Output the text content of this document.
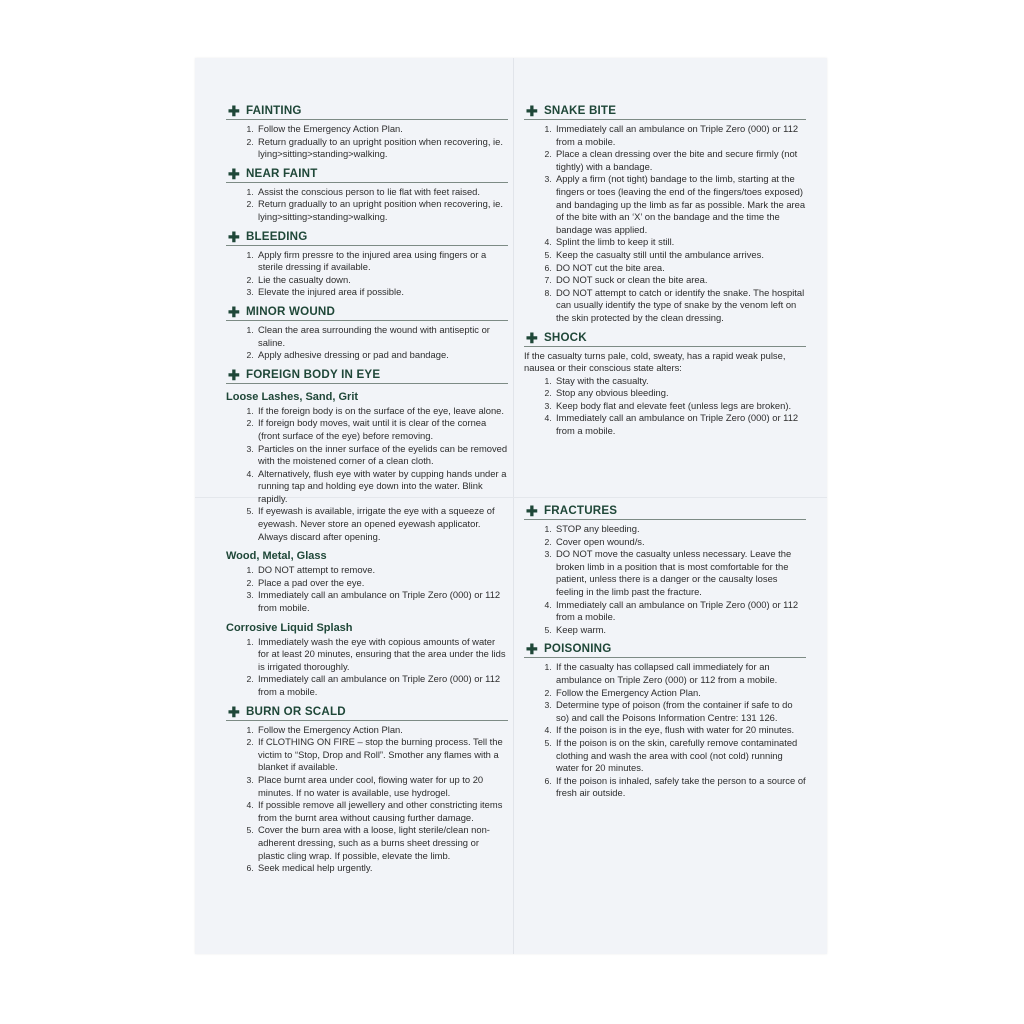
✚ FAINTING
1. Follow the Emergency Action Plan.
2. Return gradually to an upright position when recovering, ie. lying>sitting>standing>walking.
✚ NEAR FAINT
1. Assist the conscious person to lie flat with feet raised.
2. Return gradually to an upright position when recovering, ie. lying>sitting>standing>walking.
✚ BLEEDING
1. Apply firm pressre to the injured area using fingers or a sterile dressing if available.
2. Lie the casualty down.
3. Elevate the injured area if possible.
✚ MINOR WOUND
1. Clean the area surrounding the wound with antiseptic or saline.
2. Apply adhesive dressing or pad and bandage.
✚ FOREIGN BODY IN EYE
Loose Lashes, Sand, Grit
1. If the foreign body is on the surface of the eye, leave alone.
2. If foreign body moves, wait until it is clear of the cornea (front surface of the eye) before removing.
3. Particles on the inner surface of the eyelids can be removed with the moistened corner of a clean cloth.
4. Alternatively, flush eye with water by cupping hands under a running tap and holding eye down into the water. Blink rapidly.
5. If eyewash is available, irrigate the eye with a squeeze of eyewash. Never store an opened eyewash applicator. Always discard after opening.
Wood, Metal, Glass
1. DO NOT attempt to remove.
2. Place a pad over the eye.
3. Immediately call an ambulance on Triple Zero (000) or 112 from mobile.
Corrosive Liquid Splash
1. Immediately wash the eye with copious amounts of water for at least 20 minutes, ensuring that the area under the lids is irrigated thoroughly.
2. Immediately call an ambulance on Triple Zero (000) or 112 from a mobile.
✚ BURN OR SCALD
1. Follow the Emergency Action Plan.
2. If CLOTHING ON FIRE – stop the burning process. Tell the victim to “Stop, Drop and Roll”. Smother any flames with a blanket if available.
3. Place burnt area under cool, flowing water for up to 20 minutes. If no water is available, use hydrogel.
4. If possible remove all jewellery and other constricting items from the burnt area without causing further damage.
5. Cover the burn area with a loose, light sterile/clean non-adherent dressing, such as a burns sheet dressing or plastic cling wrap. If possible, elevate the limb.
6. Seek medical help urgently.
✚ SNAKE BITE
1. Immediately call an ambulance on Triple Zero (000) or 112 from a mobile.
2. Place a clean dressing over the bite and secure firmly (not tightly) with a bandage.
3. Apply a firm (not tight) bandage to the limb, starting at the fingers or toes (leaving the end of the fingers/toes exposed) and bandaging up the limb as far as possible. Mark the area of the bite with an ‘X’ on the bandage and the time the bandage was applied.
4. Splint the limb to keep it still.
5. Keep the casualty still until the ambulance arrives.
6. DO NOT cut the bite area.
7. DO NOT suck or clean the bite area.
8. DO NOT attempt to catch or identify the snake. The hospital can usually identify the type of snake by the venom left on the skin protected by the clean dressing.
✚ SHOCK

If the casualty turns pale, cold, sweaty, has a rapid weak pulse, nausea or their conscious state alters:

1. Stay with the casualty.
2. Stop any obvious bleeding.
3. Keep body flat and elevate feet (unless legs are broken).
4. Immediately call an ambulance on Triple Zero (000) or 112 from a mobile.
✚ FRACTURES
1. STOP any bleeding.
2. Cover open wound/s.
3. DO NOT move the casualty unless necessary. Leave the broken limb in a position that is most comfortable for the patient, unless there is a danger or the causalty loses feeling in the limb past the fracture.
4. Immediately call an ambulance on Triple Zero (000) or 112 from a mobile.
5. Keep warm.
✚ POISONING
1. If the casualty has collapsed call immediately for an ambulance on Triple Zero (000) or 112 from a mobile.
2. Follow the Emergency Action Plan.
3. Determine type of poison (from the container if safe to do so) and call the Poisons Information Centre: 131 126.
4. If the poison is in the eye, flush with water for 20 minutes.
5. If the poison is on the skin, carefully remove contaminated clothing and wash the area with cool (not cold) running water for 20 minutes.
6. If the poison is inhaled, safely take the person to a source of fresh air outside.
